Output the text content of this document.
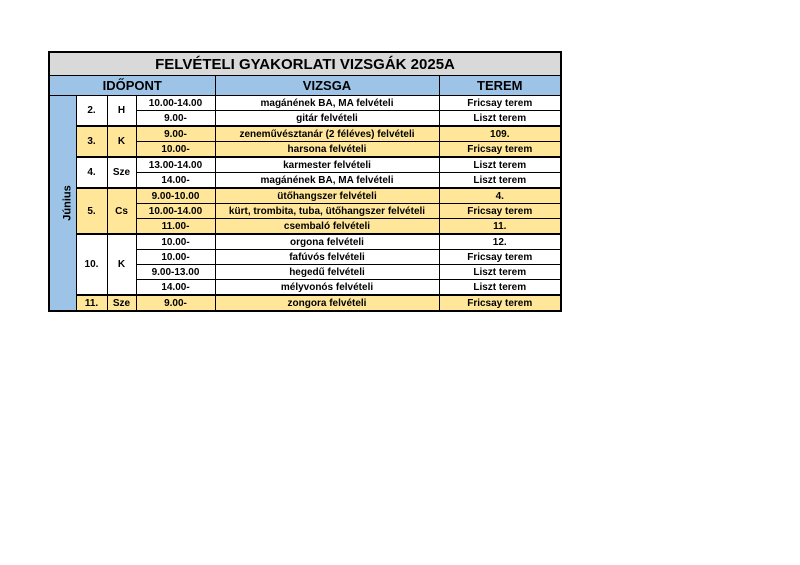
FELVÉTELI GYAKORLATI VIZSGÁK 2025A					
IDŐPONT				VIZSGA	TEREM
Június	2.	H	10.00-14.00	magánének BA, MA felvételi	Fricsay terem
			9.00-	gitár felvételi	Liszt terem
	3.	K	9.00-	zeneművésztanár (2 féléves) felvételi	109.
			10.00-	harsona felvételi	Fricsay terem
	4.	Sze	13.00-14.00	karmester felvételi	Liszt terem
			14.00-	magánének BA, MA felvételi	Liszt terem
	5.	Cs	9.00-10.00	ütőhangszer felvételi	4.
			10.00-14.00	kürt, trombita, tuba, ütőhangszer felvételi	Fricsay terem
			11.00-	csembaló felvételi	11.
	10.	K	10.00-	orgona felvételi	12.
			10.00-	fafúvós felvételi	Fricsay terem
			9.00-13.00	hegedű felvételi	Liszt terem
			14.00-	mélyvonós felvételi	Liszt terem
	11.	Sze	9.00-	zongora felvételi	Fricsay terem
